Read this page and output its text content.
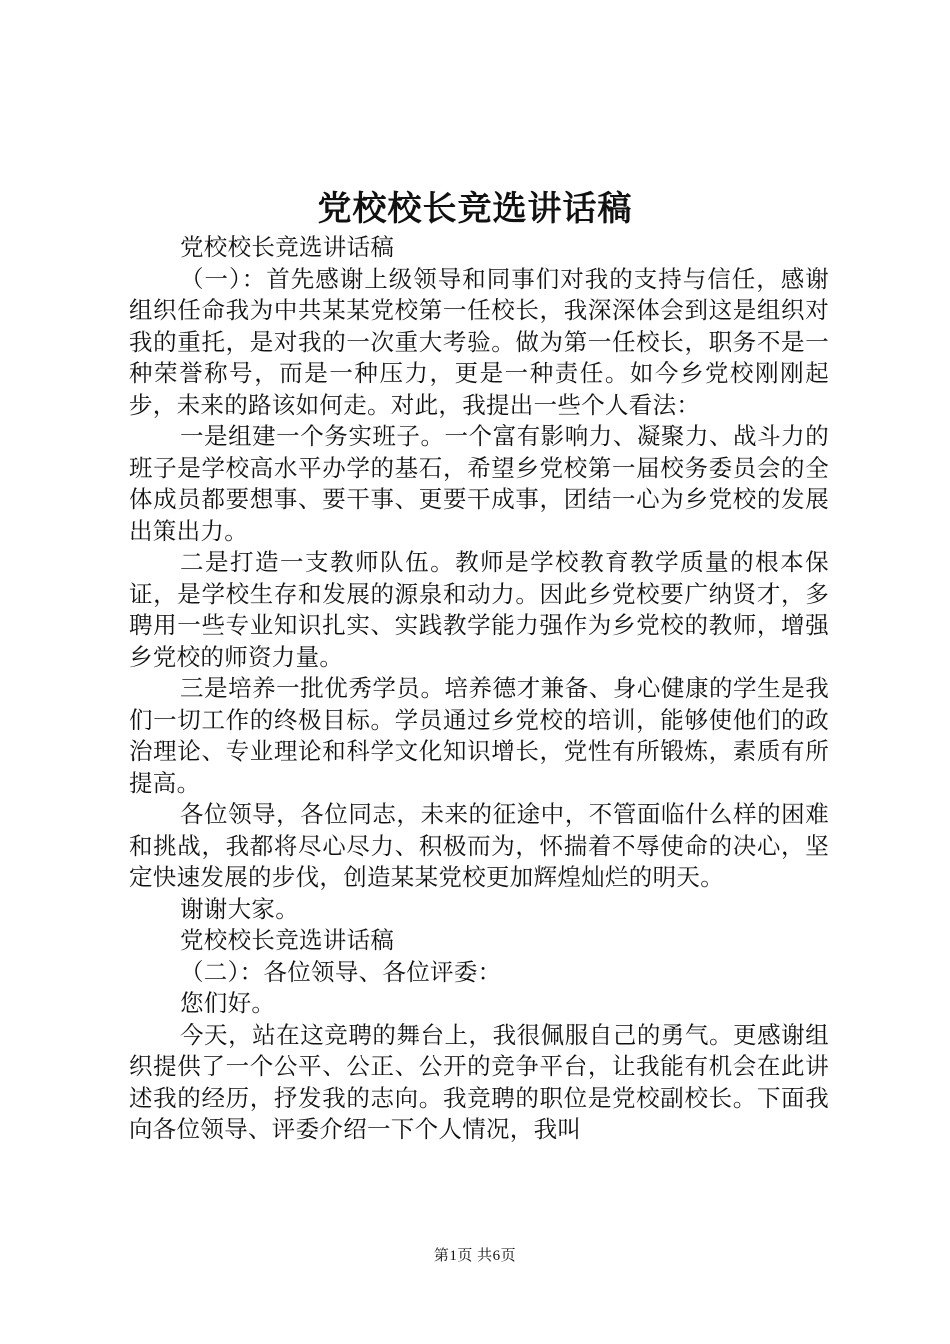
党校校长竞选讲话稿

党校校长竞选讲话稿

（一）：首先感谢上级领导和同事们对我的支持与信任，感谢组织任命我为中共某某党校第一任校长，我深深体会到这是组织对我的重托，是对我的一次重大考验。做为第一任校长，职务不是一种荣誉称号，而是一种压力，更是一种责任。如今乡党校刚刚起步，未来的路该如何走。对此，我提出一些个人看法：

一是组建一个务实班子。一个富有影响力、凝聚力、战斗力的班子是学校高水平办学的基石，希望乡党校第一届校务委员会的全体成员都要想事、要干事、更要干成事，团结一心为乡党校的发展出策出力。

二是打造一支教师队伍。教师是学校教育教学质量的根本保证，是学校生存和发展的源泉和动力。因此乡党校要广纳贤才，多聘用一些专业知识扎实、实践教学能力强作为乡党校的教师，增强乡党校的师资力量。

三是培养一批优秀学员。培养德才兼备、身心健康的学生是我们一切工作的终极目标。学员通过乡党校的培训，能够使他们的政治理论、专业理论和科学文化知识增长，党性有所锻炼，素质有所提高。

各位领导，各位同志，未来的征途中，不管面临什么样的困难和挑战，我都将尽心尽力、积极而为，怀揣着不辱使命的决心，坚定快速发展的步伐，创造某某党校更加辉煌灿烂的明天。

谢谢大家。

党校校长竞选讲话稿

（二）：各位领导、各位评委：

您们好。

今天，站在这竞聘的舞台上，我很佩服自己的勇气。更感谢组织提供了一个公平、公正、公开的竞争平台，让我能有机会在此讲述我的经历，抒发我的志向。我竞聘的职位是党校副校长。下面我向各位领导、评委介绍一下个人情况，我叫

第1页 共6页
